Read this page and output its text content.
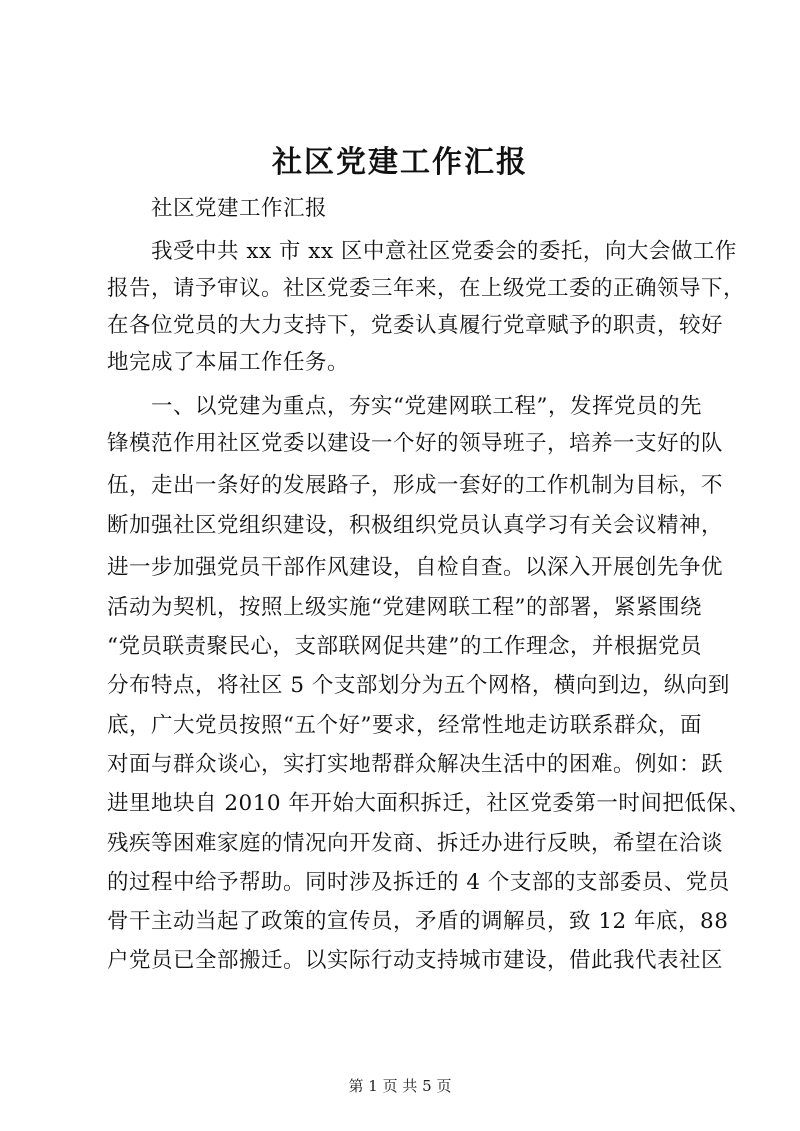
社区党建工作汇报
　　社区党建工作汇报
　　我受中共 xx 市 xx 区中意社区党委会的委托，向大会做工作
报告，请予审议。社区党委三年来，在上级党工委的正确领导下，
在各位党员的大力支持下，党委认真履行党章赋予的职责，较好
地完成了本届工作任务。
　　一、以党建为重点，夯实“党建网联工程”，发挥党员的先
锋模范作用社区党委以建设一个好的领导班子，培养一支好的队
伍，走出一条好的发展路子，形成一套好的工作机制为目标，不
断加强社区党组织建设，积极组织党员认真学习有关会议精神，
进一步加强党员干部作风建设，自检自查。以深入开展创先争优
活动为契机，按照上级实施“党建网联工程”的部署，紧紧围绕
“党员联责聚民心，支部联网促共建”的工作理念，并根据党员
分布特点，将社区 5 个支部划分为五个网格，横向到边，纵向到
底，广大党员按照“五个好”要求，经常性地走访联系群众，面
对面与群众谈心，实打实地帮群众解决生活中的困难。例如：跃
进里地块自 2010 年开始大面积拆迁，社区党委第一时间把低保、
残疾等困难家庭的情况向开发商、拆迁办进行反映，希望在洽谈
的过程中给予帮助。同时涉及拆迁的 4 个支部的支部委员、党员
骨干主动当起了政策的宣传员，矛盾的调解员，致 12 年底，88
户党员已全部搬迁。以实际行动支持城市建设，借此我代表社区
第 1 页 共 5 页
